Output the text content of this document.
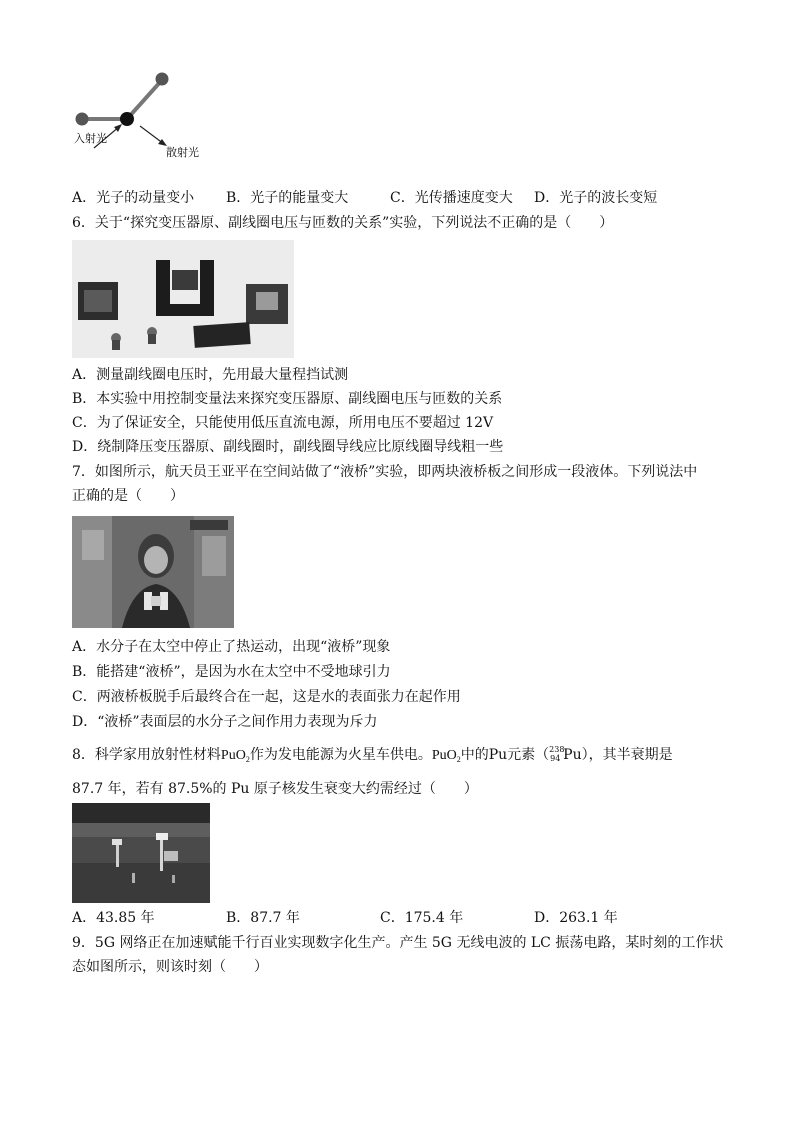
入射光
散射光
A．光子的动量变小 B．光子的能量变大	C．光传播速度变大 D．光子的波长变短
6．关于“探究变压器原、副线圈电压与匝数的关系”实验，下列说法不正确的是（　　）
A．测量副线圈电压时，先用最大量程挡试测
B．本实验中用控制变量法来探究变压器原、副线圈电压与匝数的关系
C．为了保证安全，只能使用低压直流电源，所用电压不要超过 12V
D．绕制降压变压器原、副线圈时，副线圈导线应比原线圈导线粗一些
7．如图所示，航天员王亚平在空间站做了“液桥”实验，即两块液桥板之间形成一段液体。下列说法中
正确的是（　　）
A．水分子在太空中停止了热运动，出现“液桥”现象
B．能搭建“液桥”，是因为水在太空中不受地球引力
C．两液桥板脱手后最终合在一起，这是水的表面张力在起作用
D．“液桥”表面层的水分子之间作用力表现为斥力
8．科学家用放射性材料PuO$_2$作为发电能源为火星车供电。PuO$_2$中的Pu元素（ 238
94 Pu），其半衰期是
87.7 年，若有 87.5%的 Pu 原子核发生衰变大约需经过（　　）
A．43.85 年	B．87.7 年	C．175.4 年	D．263.1 年
9．5G 网络正在加速赋能千行百业实现数字化生产。产生 5G 无线电波的 LC 振荡电路，某时刻的工作状
态如图所示，则该时刻（　　）
